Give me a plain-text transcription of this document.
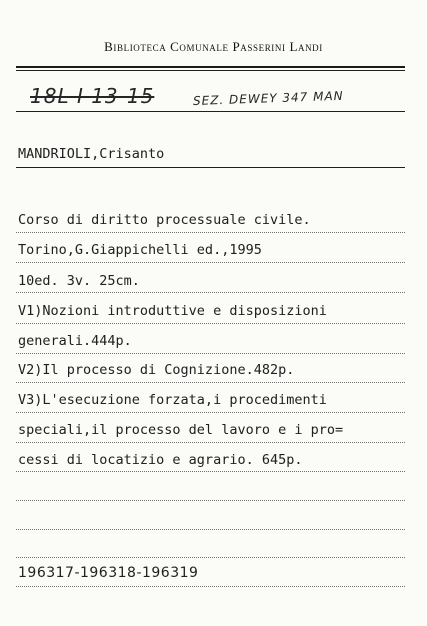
Biblioteca Comunale Passerini Landi
18L I 13-15	SEZ. DEWEY 347 MAN
MANDRIOLI,Crisanto
Corso di diritto processuale civile.
Torino,G.Giappichelli ed.,1995
10ed. 3v. 25cm.
V1)Nozioni introduttive e disposizioni
generali.444p.
V2)Il processo di Cognizione.482p.
V3)L'esecuzione forzata,i procedimenti
speciali,il processo del lavoro e i pro=
cessi di locatizio e agrario. 645p.
196317-196318-196319
